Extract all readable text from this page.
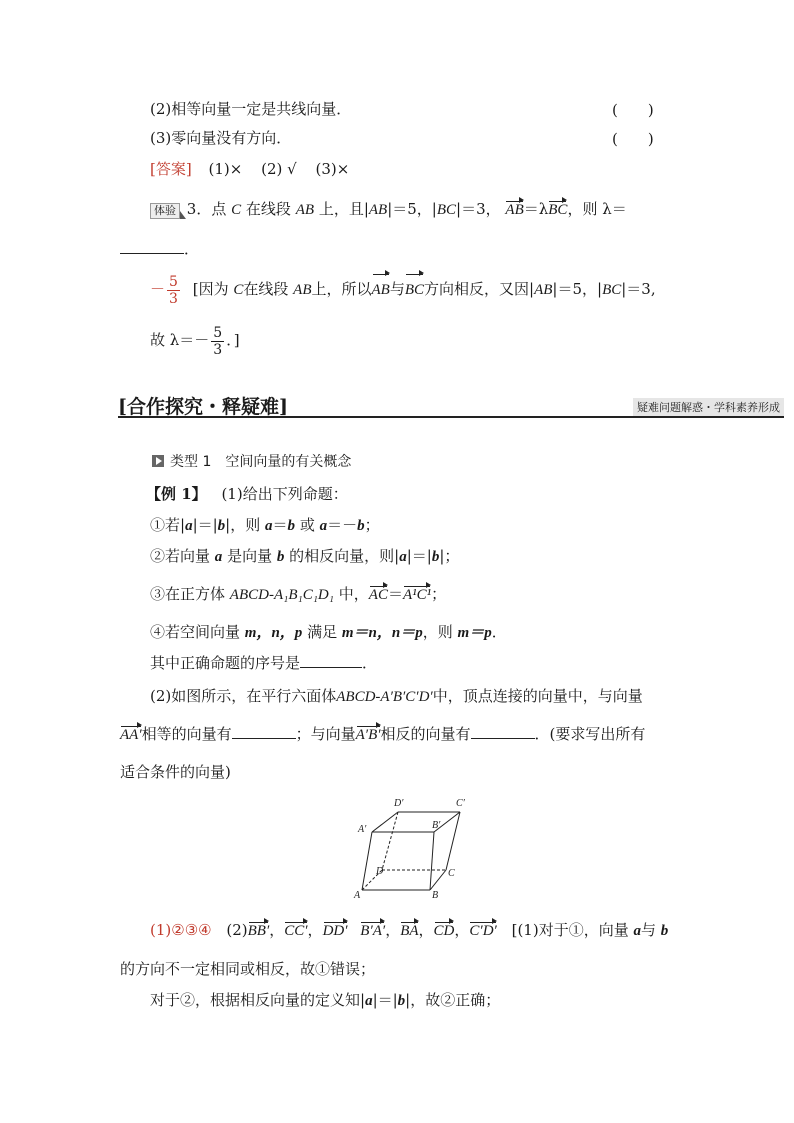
(2)相等向量一定是共线向量．	(　　)
(3)零向量没有方向．	(　　)
[答案] (1)× (2) √ (3)×
体验 3．点 C 在线段 AB 上，且|AB|＝5，|BC|＝3， AB＝λBC，则 λ＝
．
－ $\frac{5}{3}$ [因为 C在线段 AB上，所以AB与BC方向相反，又因|AB|＝5，|BC|＝3,
故 $\lambda=- \frac{5}{3}$ ．]
[合作探究・释疑难]	疑难问题解惑・学科素养形成
类型 1　空间向量的有关概念
【例 1】 (1)给出下列命题：
①若|a|＝|b|，则 a＝b 或 a＝－b；
②若向量 a 是向量 b 的相反向量，则|a|＝|b|；
③在正方体 ABCD-A₁B₁C₁D₁ 中，AC＝A¹C¹；
④若空间向量 m，n，p 满足 m＝n，n＝p，则 m＝p．
其中正确命题的序号是	．
(2)如图所示，在平行六面体ABCD-A′B′C′D′中，顶点连接的向量中，与向量
AA′相等的向量有	；与向量A′B′相反的向量有	．(要求写出所有
适合条件的向量)
D′	C′
A′	B′
D	C
A	B
(1)②③④ (2)BB′，CC′，DD′ B′A′，BA，CD，C′D′ [(1)对于①，向量 a与 b
的方向不一定相同或相反，故①错误；
对于②，根据相反向量的定义知|a|＝|b|，故②正确；
